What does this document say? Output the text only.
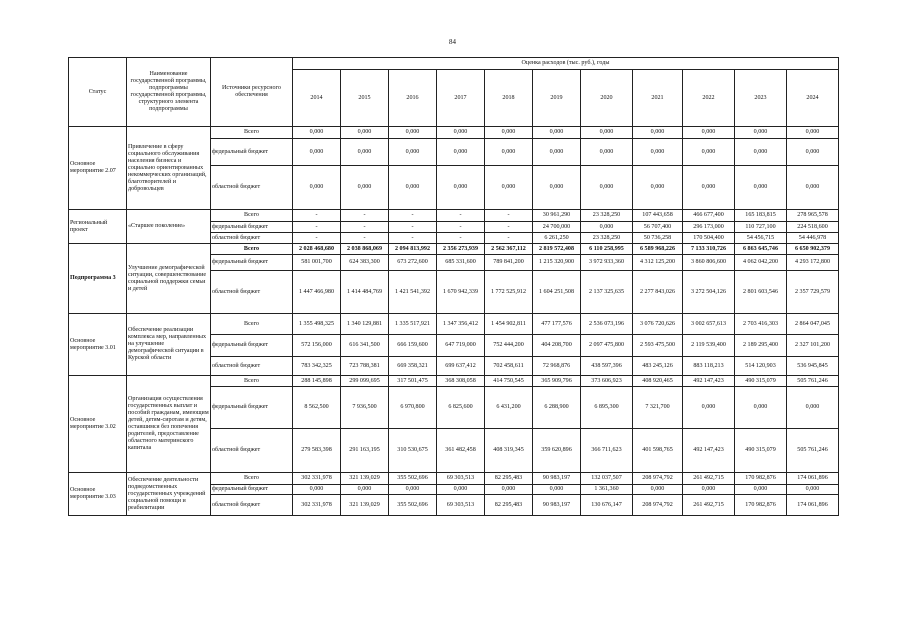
84
Статус	Наименование государственной программы, подпрограммы государственной программы, структурного элемента подпрограммы	Источники ресурсного обеспечения	Оценка расходов (тыс. руб.), годы										
			2014	2015	2016	2017	2018	2019	2020	2021	2022	2023	2024
Основное мероприятие 2.07	Привлечение в сферу социального обслуживания населения бизнеса и социально ориентированных некоммерческих организаций, благотворителей и добровольцев	Всего	0,000	0,000	0,000	0,000	0,000	0,000	0,000	0,000	0,000	0,000	0,000
		федеральный бюджет	0,000	0,000	0,000	0,000	0,000	0,000	0,000	0,000	0,000	0,000	0,000
		областной бюджет	0,000	0,000	0,000	0,000	0,000	0,000	0,000	0,000	0,000	0,000	0,000
Региональный проект	«Старшее поколение»	Всего	-	-	-	-	-	30 961,290	23 328,250	107 443,658	466 677,400	165 183,815	278 965,578
		федеральный бюджет	-	-	-	-	-	24 700,000	0,000	56 707,400	296 173,000	110 727,100	224 518,600
		областной бюджет	-	-	-	-	-	6 261,250	23 328,250	50 736,258	170 504,400	54 456,715	54 446,978
Подпрограмма 3	Улучшение демографической ситуации, совершенствование социальной поддержки семьи и детей	Всего	2 028 468,680	2 038 868,069	2 094 813,992	2 356 273,939	2 562 367,112	2 819 572,408	6 110 258,995	6 589 968,226	7 133 310,726	6 863 645,746	6 650 902,379
		федеральный бюджет	581 001,700	624 383,300	673 272,600	685 331,600	789 841,200	1 215 320,900	3 972 933,360	4 312 125,200	3 860 806,600	4 062 042,200	4 293 172,800
		областной бюджет	1 447 466,980	1 414 484,769	1 421 541,392	1 670 942,339	1 772 525,912	1 604 251,508	2 137 325,635	2 277 843,026	3 272 504,126	2 801 603,546	2 357 729,579
Основное мероприятие 3.01	Обеспечение реализации комплекса мер, направленных на улучшение демографической ситуации в Курской области	Всего	1 355 498,325	1 340 129,881	1 335 517,921	1 347 356,412	1 454 902,811	477 177,576	2 536 073,196	3 076 720,626	3 002 657,613	2 703 416,303	2 864 047,045
		федеральный бюджет	572 156,000	616 341,500	666 159,600	647 719,000	752 444,200	404 208,700	2 097 475,800	2 593 475,500	2 119 539,400	2 189 295,400	2 327 101,200
		областной бюджет	783 342,325	723 788,381	669 358,321	699 637,412	702 458,611	72 968,876	438 597,396	483 245,126	883 118,213	514 120,903	536 945,845
Основное мероприятие 3.02	Организация осуществления государственных выплат и пособий гражданам, имеющим детей, детям-сиротам и детям, оставшимся без попечения родителей, предоставление областного материнского капитала	Всего	288 145,898	299 099,695	317 501,475	368 308,058	414 750,545	365 909,796	373 606,923	408 920,465	492 147,423	490 315,079	505 761,246
		федеральный бюджет	8 562,500	7 936,500	6 970,800	6 825,600	6 431,200	6 288,900	6 895,300	7 321,700	0,000	0,000	0,000
		областной бюджет	279 583,398	291 163,195	310 530,675	361 482,458	408 319,345	359 620,896	366 711,623	401 598,765	492 147,423	490 315,079	505 761,246
Основное мероприятие 3.03	Обеспечение деятельности подведомственных государственных учреждений социальной помощи и реабилитации	Всего	302 331,978	321 139,029	355 502,696	69 303,513	82 295,483	90 983,197	132 037,507	208 974,792	261 492,715	170 982,876	174 061,896
		федеральный бюджет	0,000	0,000	0,000	0,000	0,000	0,000	1 361,360	0,000	0,000	0,000	0,000
		областной бюджет	302 331,978	321 139,029	355 502,696	69 303,513	82 295,483	90 983,197	130 676,147	208 974,792	261 492,715	170 982,876	174 061,896
